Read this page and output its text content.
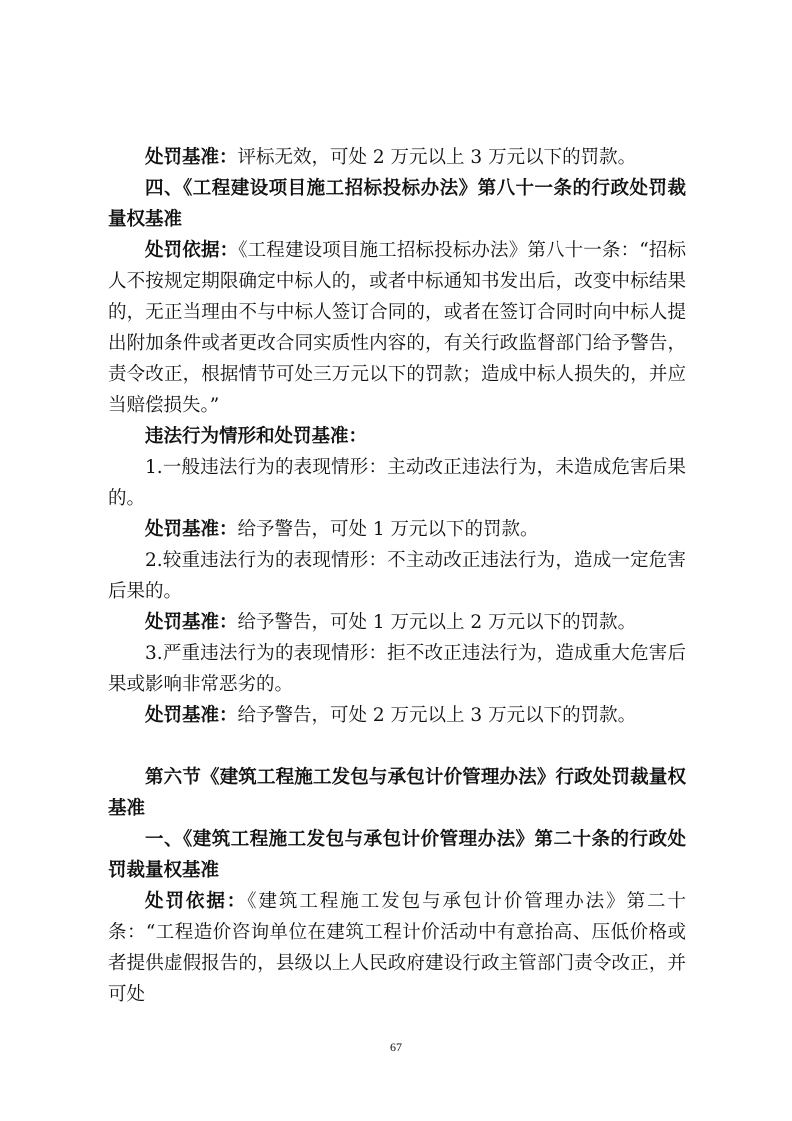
处罚基准：评标无效，可处 2 万元以上 3 万元以下的罚款。

四、《工程建设项目施工招标投标办法》第八十一条的行政处罚裁量权基准

处罚依据：《工程建设项目施工招标投标办法》第八十一条：“招标人不按规定期限确定中标人的，或者中标通知书发出后，改变中标结果的，无正当理由不与中标人签订合同的，或者在签订合同时向中标人提出附加条件或者更改合同实质性内容的，有关行政监督部门给予警告，责令改正，根据情节可处三万元以下的罚款；造成中标人损失的，并应当赔偿损失。”

违法行为情形和处罚基准：

1.一般违法行为的表现情形：主动改正违法行为，未造成危害后果的。

处罚基准：给予警告，可处 1 万元以下的罚款。

2.较重违法行为的表现情形：不主动改正违法行为，造成一定危害后果的。

处罚基准：给予警告，可处 1 万元以上 2 万元以下的罚款。

3.严重违法行为的表现情形：拒不改正违法行为，造成重大危害后果或影响非常恶劣的。

处罚基准：给予警告，可处 2 万元以上 3 万元以下的罚款。

第六节《建筑工程施工发包与承包计价管理办法》行政处罚裁量权基准

一、《建筑工程施工发包与承包计价管理办法》第二十条的行政处罚裁量权基准

处罚依据：《建筑工程施工发包与承包计价管理办法》第二十条：“工程造价咨询单位在建筑工程计价活动中有意抬高、压低价格或者提供虚假报告的，县级以上人民政府建设行政主管部门责令改正，并可处

67
